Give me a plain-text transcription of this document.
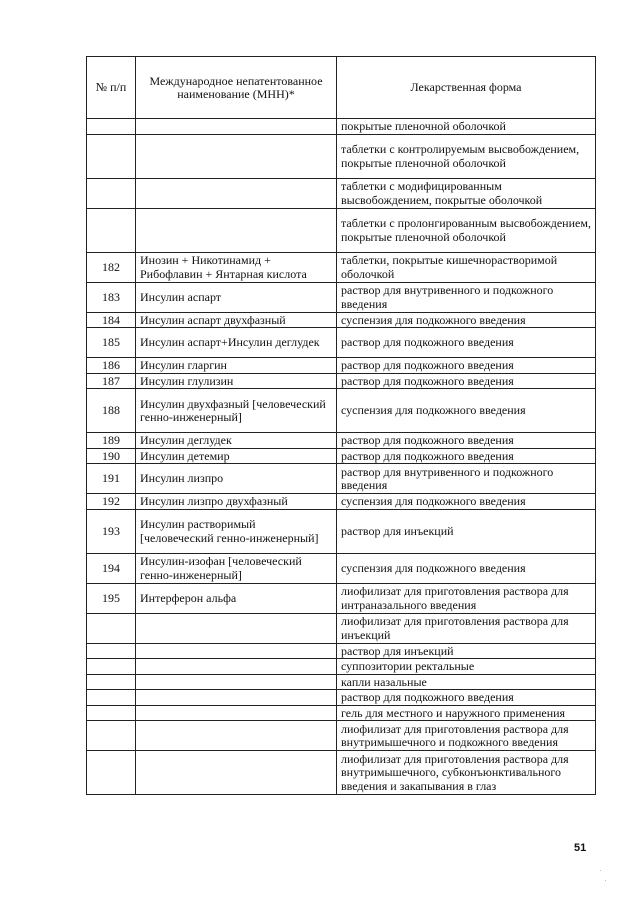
№ п/п	Международное непатентованное наименование (МНН)*	Лекарственная форма
		покрытые пленочной оболочкой
		таблетки с контролируемым высвобождением, покрытые пленочной оболочкой
		таблетки с модифицированным высвобождением, покрытые оболочкой
		таблетки с пролонгированным высвобождением, покрытые пленочной оболочкой
182	Инозин + Никотинамид + Рибофлавин + Янтарная кислота	таблетки, покрытые кишечнорастворимой оболочкой
183	Инсулин аспарт	раствор для внутривенного и подкожного введения
184	Инсулин аспарт двухфазный	суспензия для подкожного введения
185	Инсулин аспарт+Инсулин деглудек	раствор для подкожного введения
186	Инсулин гларгин	раствор для подкожного введения
187	Инсулин глулизин	раствор для подкожного введения
188	Инсулин двухфазный [человеческий генно-инженерный]	суспензия для подкожного введения
189	Инсулин деглудек	раствор для подкожного введения
190	Инсулин детемир	раствор для подкожного введения
191	Инсулин лизпро	раствор для внутривенного и подкожного введения
192	Инсулин лизпро двухфазный	суспензия для подкожного введения
193	Инсулин растворимый [человеческий генно-инженерный]	раствор для инъекций
194	Инсулин-изофан [человеческий генно-инженерный]	суспензия для подкожного введения
195	Интерферон альфа	лиофилизат для приготовления раствора для интраназального введения
		лиофилизат для приготовления раствора для инъекций
		раствор для инъекций
		суппозитории ректальные
		капли назальные
		раствор для подкожного введения
		гель для местного и наружного применения
		лиофилизат для приготовления раствора для внутримышечного и подкожного введения
		лиофилизат для приготовления раствора для внутримышечного, субконъюнктивального введения и закапывания в глаз
51
